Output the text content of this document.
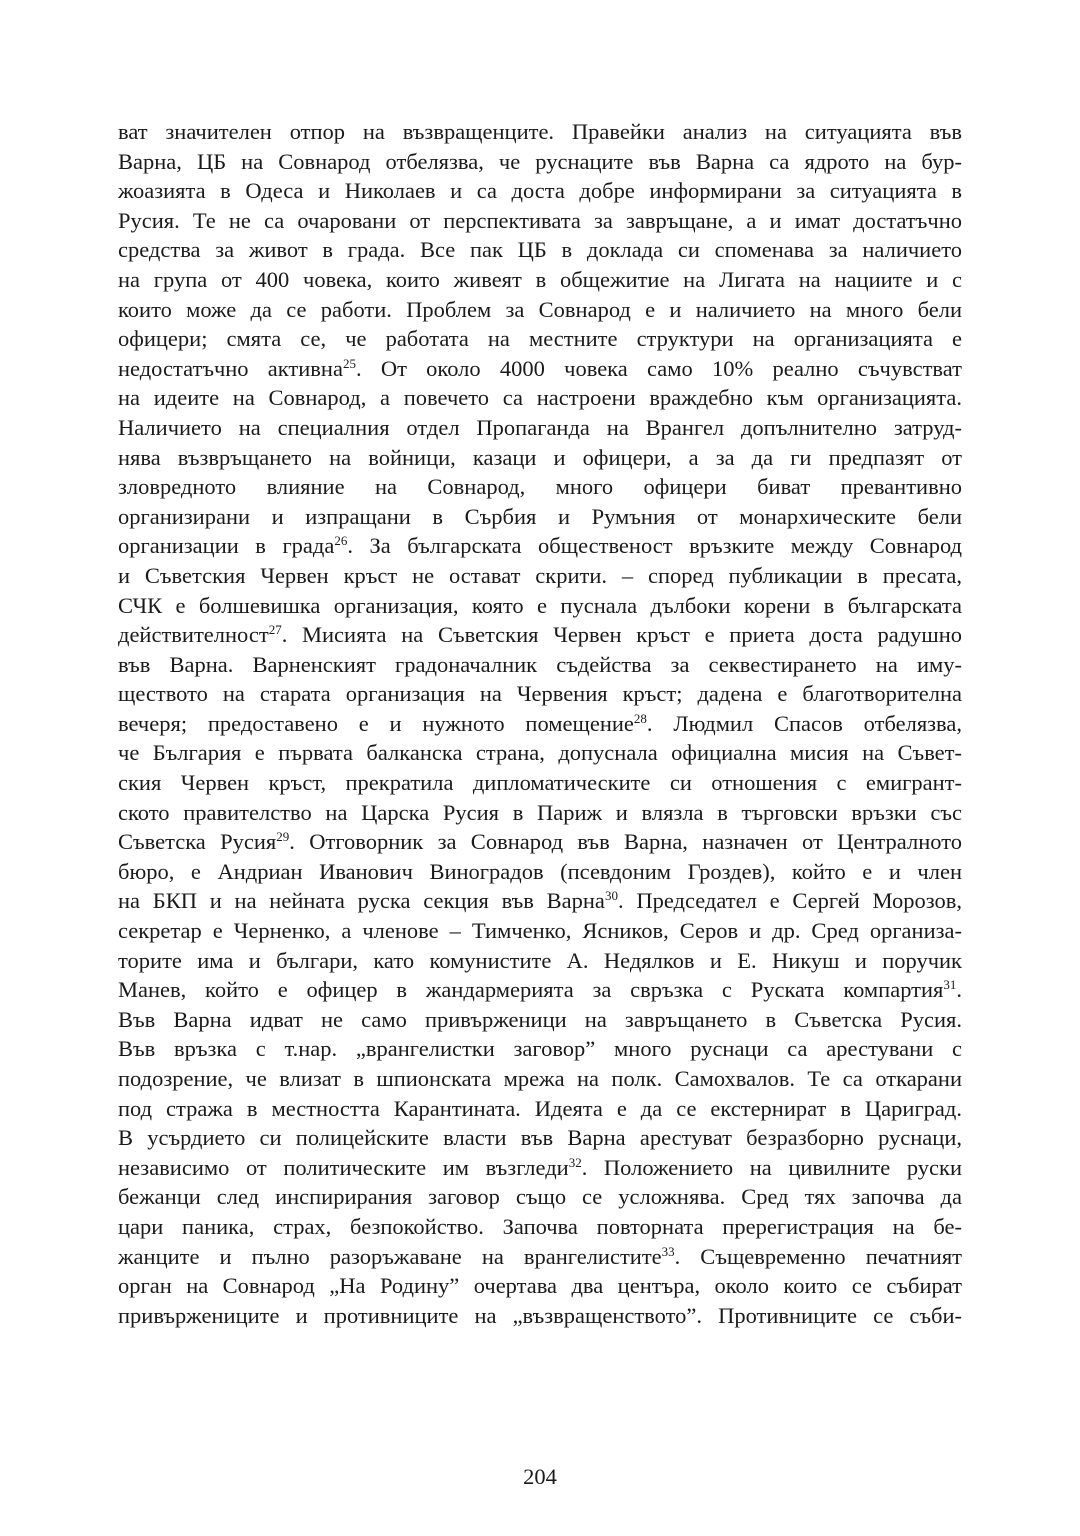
ват значителен отпор на възвращенците. Правейки анализ на ситуацията във
Варна, ЦБ на Совнарод отбелязва, че руснаците във Варна са ядрото на бур-
жоазията в Одеса и Николаев и са доста добре информирани за ситуацията в
Русия. Те не са очаровани от перспективата за завръщане, а и имат достатъчно
средства за живот в града. Все пак ЦБ в доклада си споменава за наличието
на група от 400 човека, които живеят в общежитие на Лигата на нациите и с
които може да се работи. Проблем за Совнарод е и наличието на много бели
офицери; смята се, че работата на местните структури на организацията е
недостатъчно активна$^{25}$. От около 4000 човека само 10% реално съчувстват
на идеите на Совнарод, а повечето са настроени враждебно към организацията.
Наличието на специалния отдел Пропаганда на Врангел допълнително затруд-
нява възвръщането на войници, казаци и офицери, а за да ги предпазят от
зловредното влияние на Совнарод, много офицери биват превантивно
организирани и изпращани в Сърбия и Румъния от монархическите бели
организации в града$^{26}$. За българската общественост връзките между Совнарод
и Съветския Червен кръст не остават скрити. – според публикации в пресата,
СЧК е болшевишка организация, която е пуснала дълбоки корени в българската
действителност$^{27}$. Мисията на Съветския Червен кръст е приета доста радушно
във Варна. Варненският градоначалник съдейства за секвестирането на иму-
ществото на старата организация на Червения кръст; дадена е благотворителна
вечеря; предоставено е и нужното помещение$^{28}$. Людмил Спасов отбелязва,
че България е първата балканска страна, допуснала официална мисия на Съвет-
ския Червен кръст, прекратила дипломатическите си отношения с емигрант-
ското правителство на Царска Русия в Париж и влязла в търговски връзки със
Съветска Русия$^{29}$. Отговорник за Совнарод във Варна, назначен от Централното
бюро, е Андриан Иванович Виноградов (псевдоним Гроздев), който е и член
на БКП и на нейната руска секция във Варна$^{30}$. Председател е Сергей Морозов,
секретар е Черненко, а членове – Тимченко, Ясников, Серов и др. Сред организа-
торите има и българи, като комунистите А. Недялков и Е. Никуш и поручик
Манев, който е офицер в жандармерията за свръзка с Руската компартия$^{31}$.
Във Варна идват не само привърженици на завръщането в Съветска Русия.
Във връзка с т.нар. „врангелистки заговор” много руснаци са арестувани с
подозрение, че влизат в шпионската мрежа на полк. Самохвалов. Те са откарани
под стража в местността Карантината. Идеята е да се екстернират в Цариград.
В усърдието си полицейските власти във Варна арестуват безразборно руснаци,
независимо от политическите им възгледи$^{32}$. Положението на цивилните руски
бежанци след инспирирания заговор също се усложнява. Сред тях започва да
цари паника, страх, безпокойство. Започва повторната пререгистрация на бе-
жанците и пълно разоръжаване на врангелистите$^{33}$. Същевременно печатният
орган на Совнарод „На Родину” очертава два центъра, около които се събират
привържениците и противниците на „възвращенството”. Противниците се съби-
204
